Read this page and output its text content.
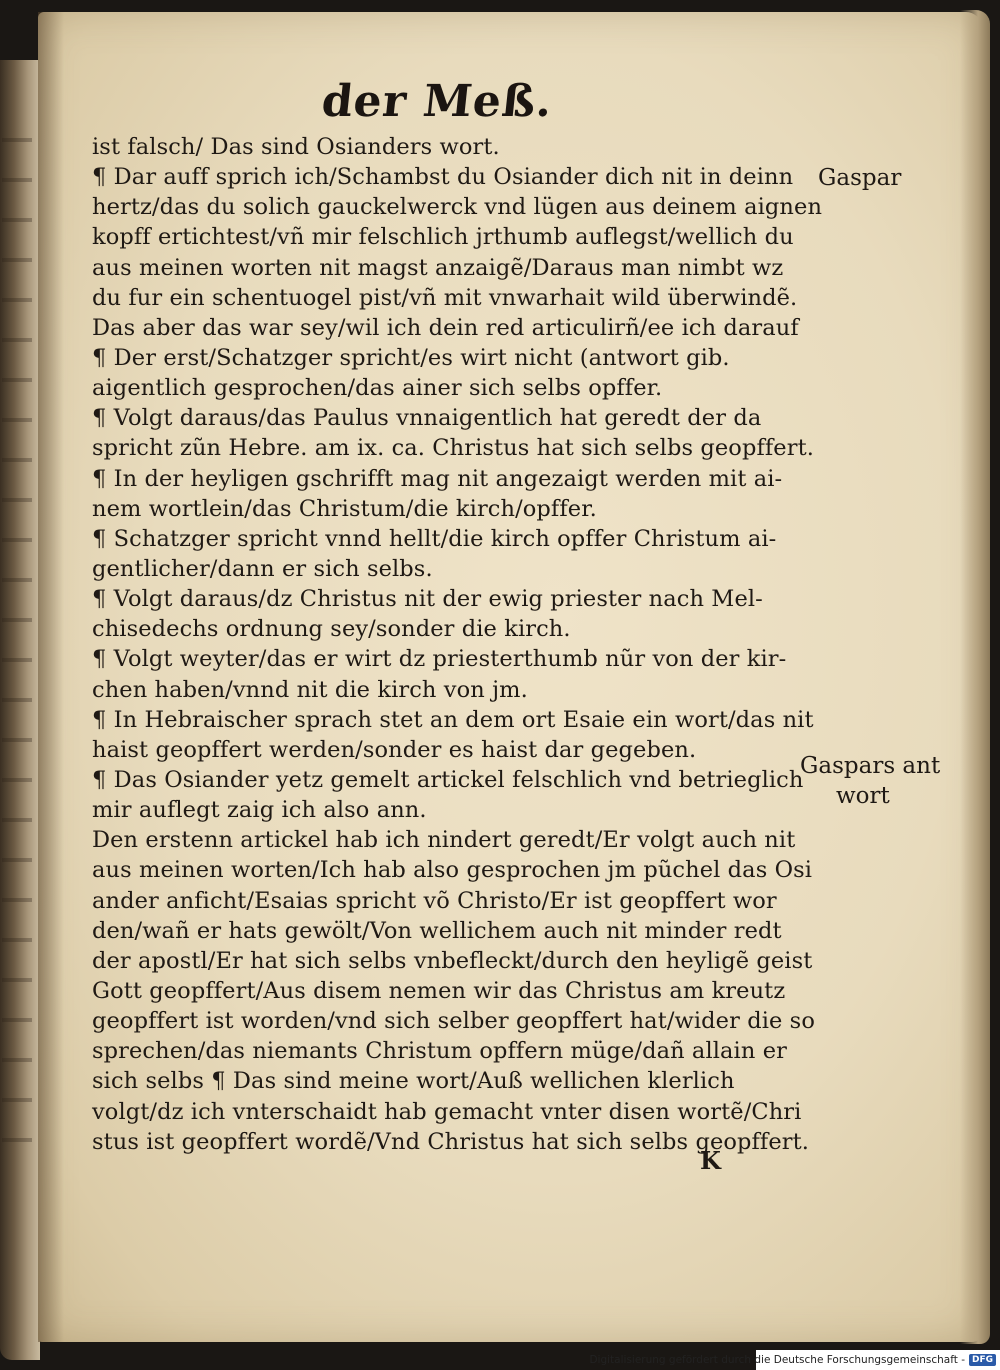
der Meß.
ist falsch/ Das sind Osianders wort.
¶ Dar auff sprich ich/Schambst du Osiander dich nit in deinn
hertz/das du solich gauckelwerck vnd lügen aus deinem aignen
kopff ertichtest/vñ mir felschlich jrthumb auflegst/wellich du
aus meinen worten nit magst anzaigẽ/Daraus man nimbt wz
du fur ein schentuogel pist/vñ mit vnwarhait wild überwindẽ.
Das aber das war sey/wil ich dein red articulirñ/ee ich darauf
¶ Der erst/Schatzger spricht/es wirt nicht (antwort gib.
aigentlich gesprochen/das ainer sich selbs opffer.
¶ Volgt daraus/das Paulus vnnaigentlich hat geredt der da
spricht zũn Hebre. am ix. ca. Christus hat sich selbs geopffert.
¶ In der heyligen gschrifft mag nit angezaigt werden mit ai-
nem wortlein/das Christum/die kirch/opffer.
¶ Schatzger spricht vnnd hellt/die kirch opffer Christum ai-
gentlicher/dann er sich selbs.
¶ Volgt daraus/dz Christus nit der ewig priester nach Mel-
chisedechs ordnung sey/sonder die kirch.
¶ Volgt weyter/das er wirt dz priesterthumb nũr von der kir-
chen haben/vnnd nit die kirch von jm.
¶ In Hebraischer sprach stet an dem ort Esaie ein wort/das nit
haist geopffert werden/sonder es haist dar gegeben.
¶ Das Osiander yetz gemelt artickel felschlich vnd betrieglich
mir auflegt zaig ich also ann.
Den erstenn artickel hab ich nindert geredt/Er volgt auch nit
aus meinen worten/Ich hab also gesprochen jm pũchel das Osi
ander anficht/Esaias spricht võ Christo/Er ist geopffert wor
den/wañ er hats gewölt/Von wellichem auch nit minder redt
der apostl/Er hat sich selbs vnbefleckt/durch den heyligẽ geist
Gott geopffert/Aus disem nemen wir das Christus am kreutz
geopffert ist worden/vnd sich selber geopffert hat/wider die so
sprechen/das niemants Christum opffern müge/dañ allain er
sich selbs ¶ Das sind meine wort/Auß wellichen klerlich
volgt/dz ich vnterschaidt hab gemacht vnter disen wortẽ/Chri
stus ist geopffert wordẽ/Vnd Christus hat sich selbs geopffert.
Gaspar
Gaspars ant
wort
K
Digitalisierung gefördert durch die Deutsche Forschungsgemeinschaft - DFG
